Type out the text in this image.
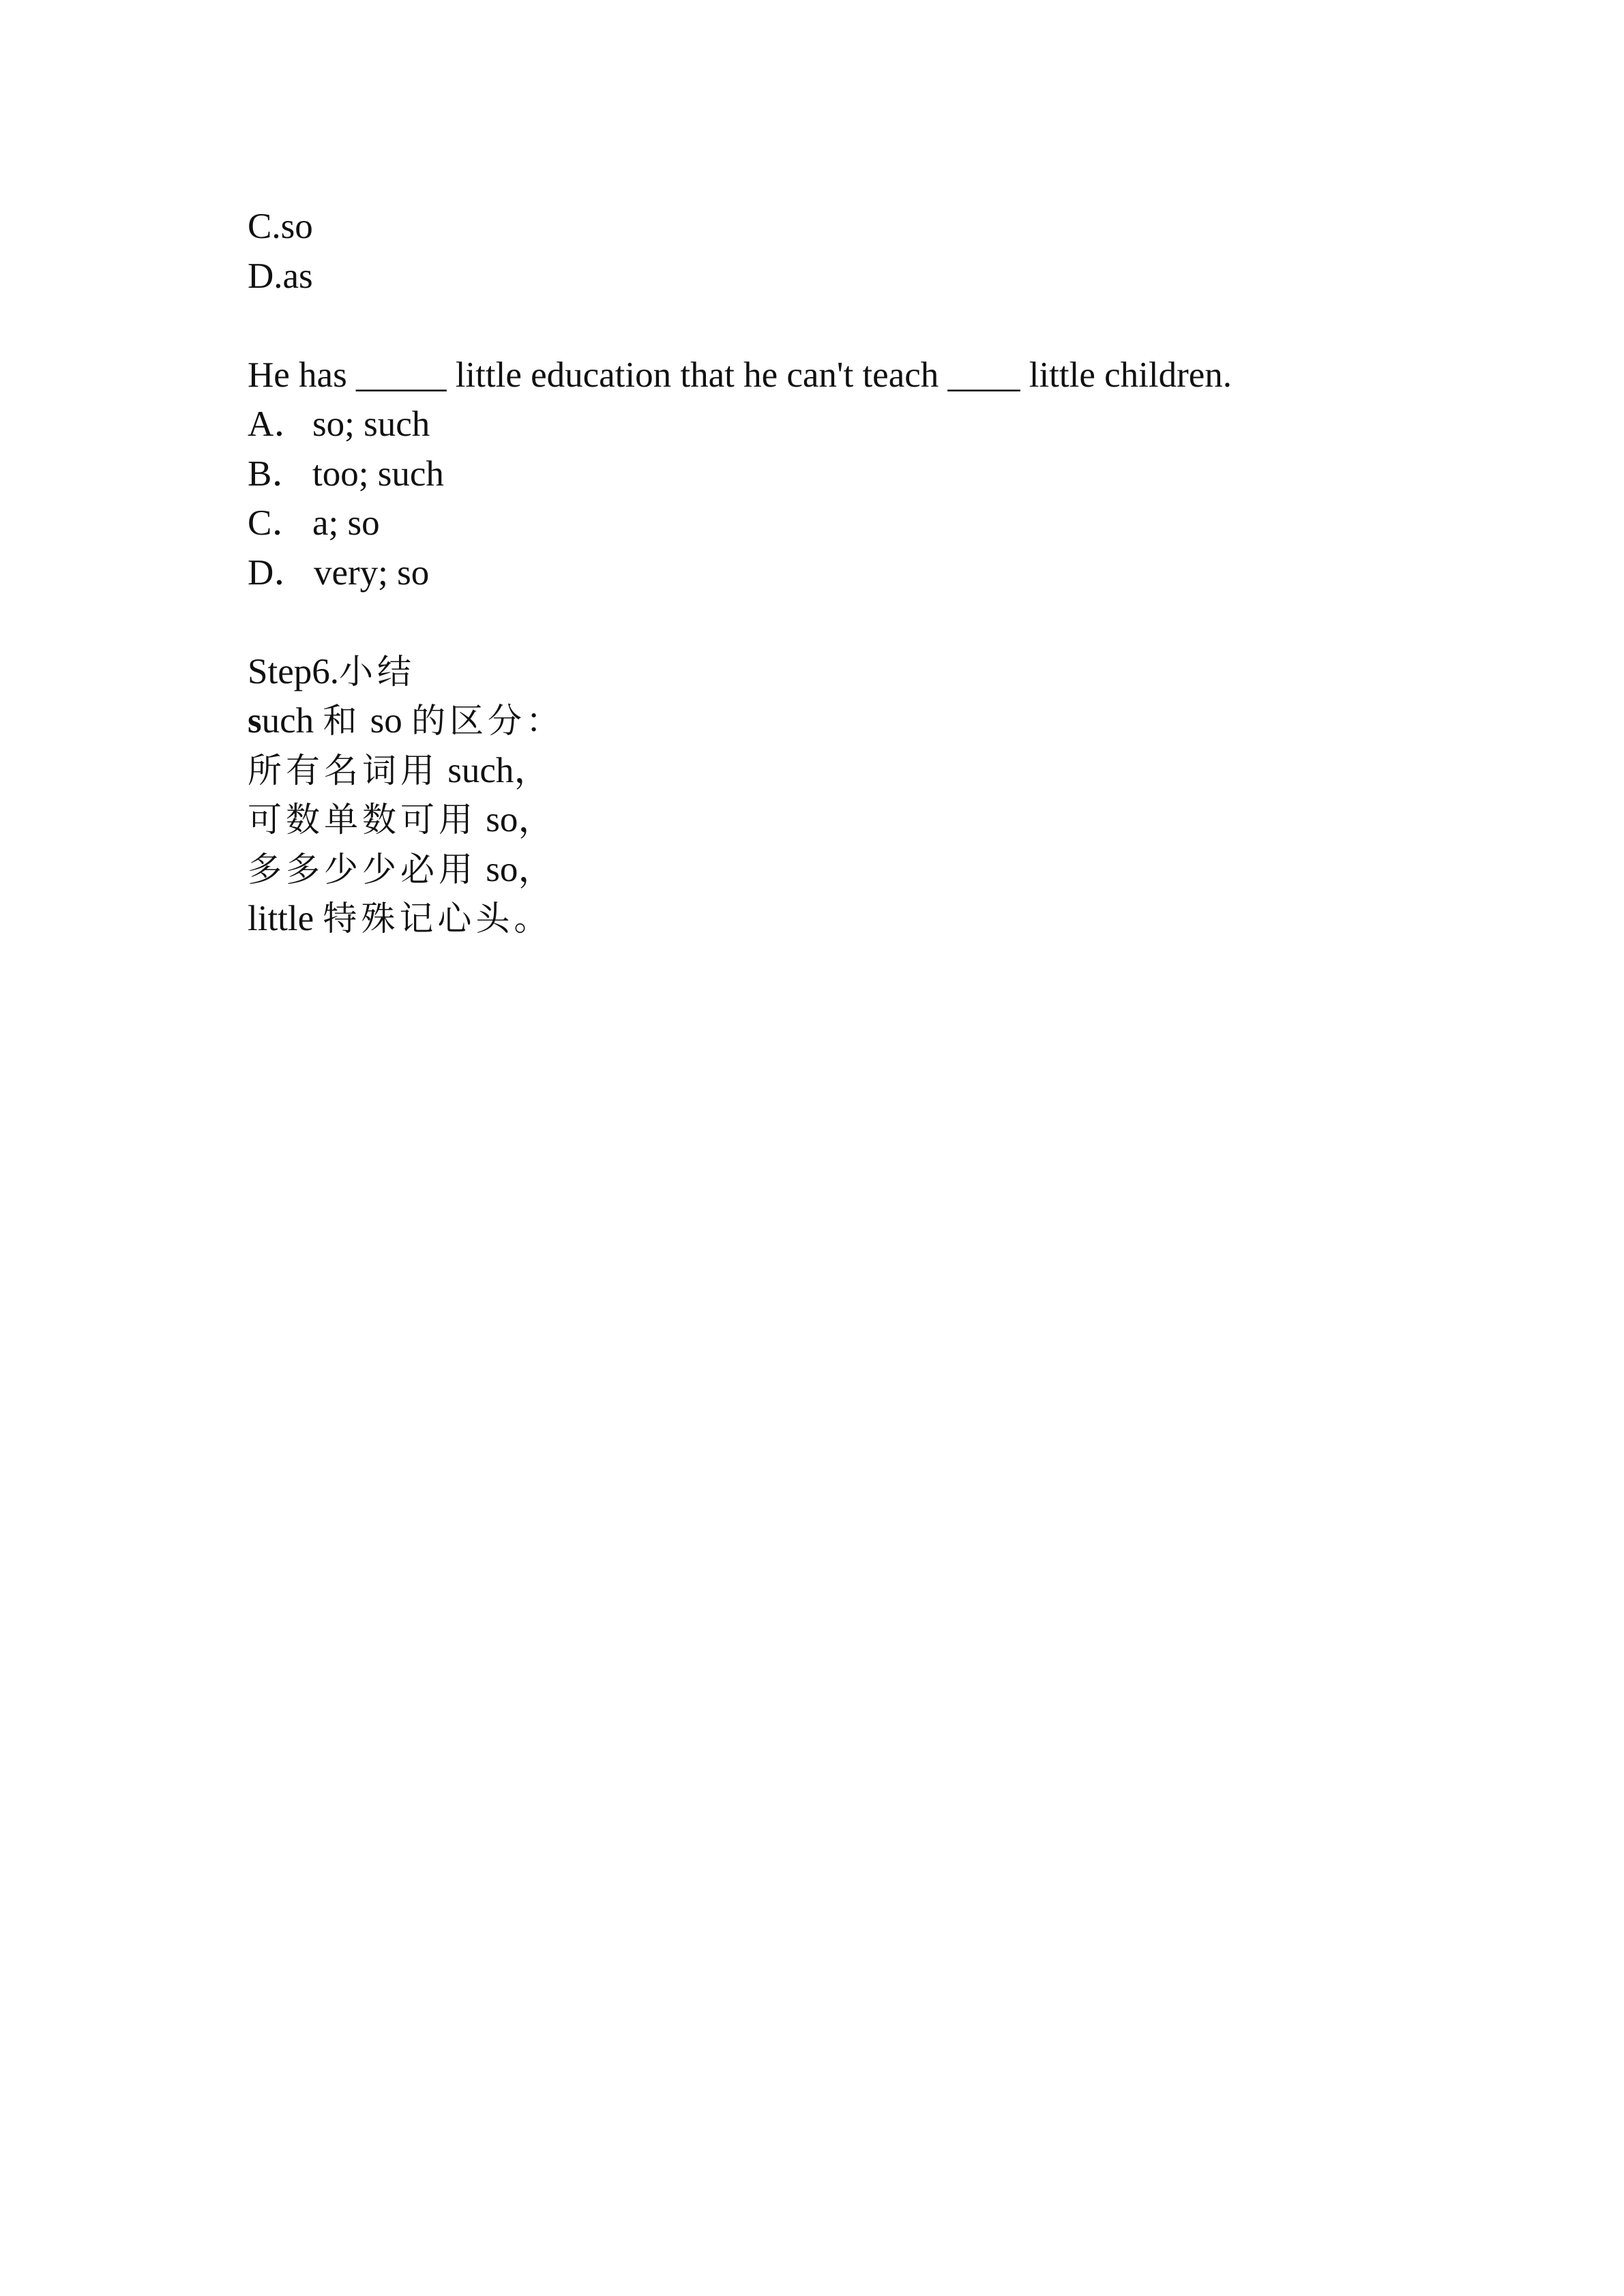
C.so
D.as
He has _____ little education that he can't teach ____ little children.
A．so; such
B． too; such
C． a; so
D． very; so
Step6.小结
such 和 so 的区分：
所有名词用 such，
可数单数可用 so，
多多少少必用 so，
little 特殊记心头。
